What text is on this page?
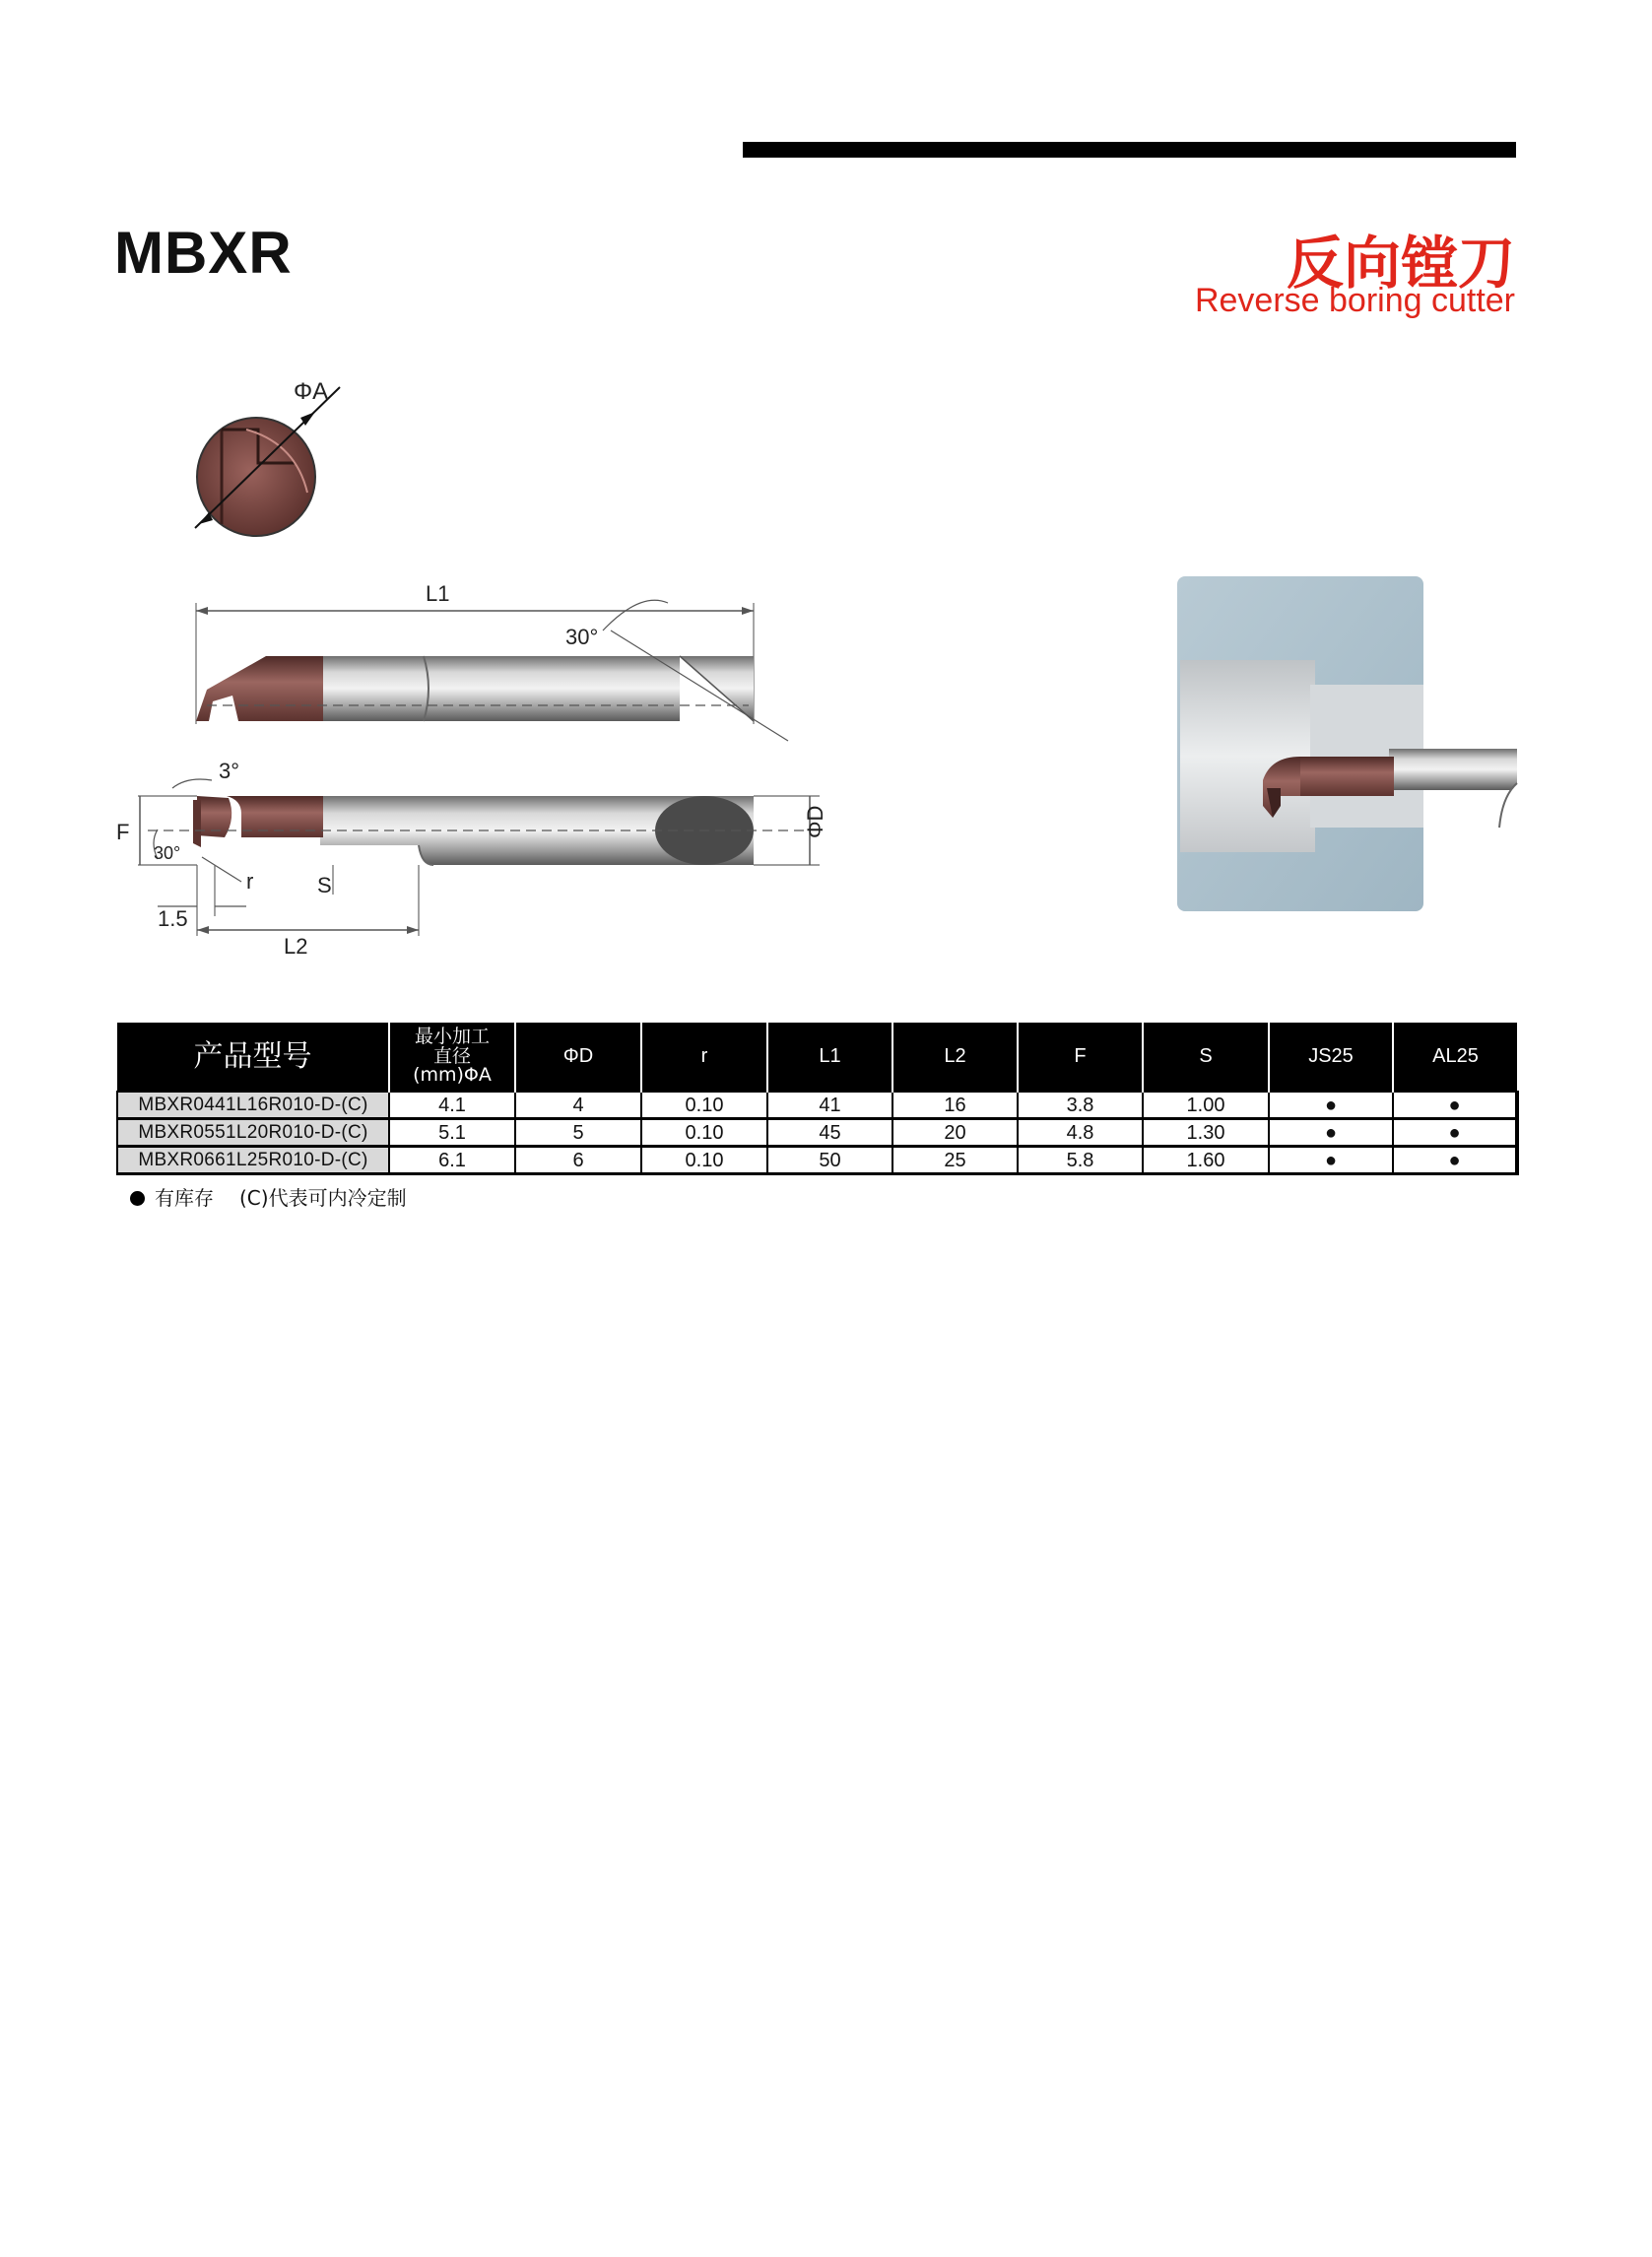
MBXR	反向镗刀
Reverse boring cutter
ΦA
L1
30°
F	ΦD
3°
30°
r	S
1.5
L2
产品型号	最小加工
直径
(mm)ΦA	ΦD	r	L1	L2	F	S	JS25	AL25
MBXR0441L16R010-D-(C)	4.1	4	0.10	41	16	3.8	1.00	●	●
MBXR0551L20R010-D-(C)	5.1	5	0.10	45	20	4.8	1.30	●	●
MBXR0661L25R010-D-(C)	6.1	6	0.10	50	25	5.8	1.60	●	●
有库存 (C)代表可内冷定制
